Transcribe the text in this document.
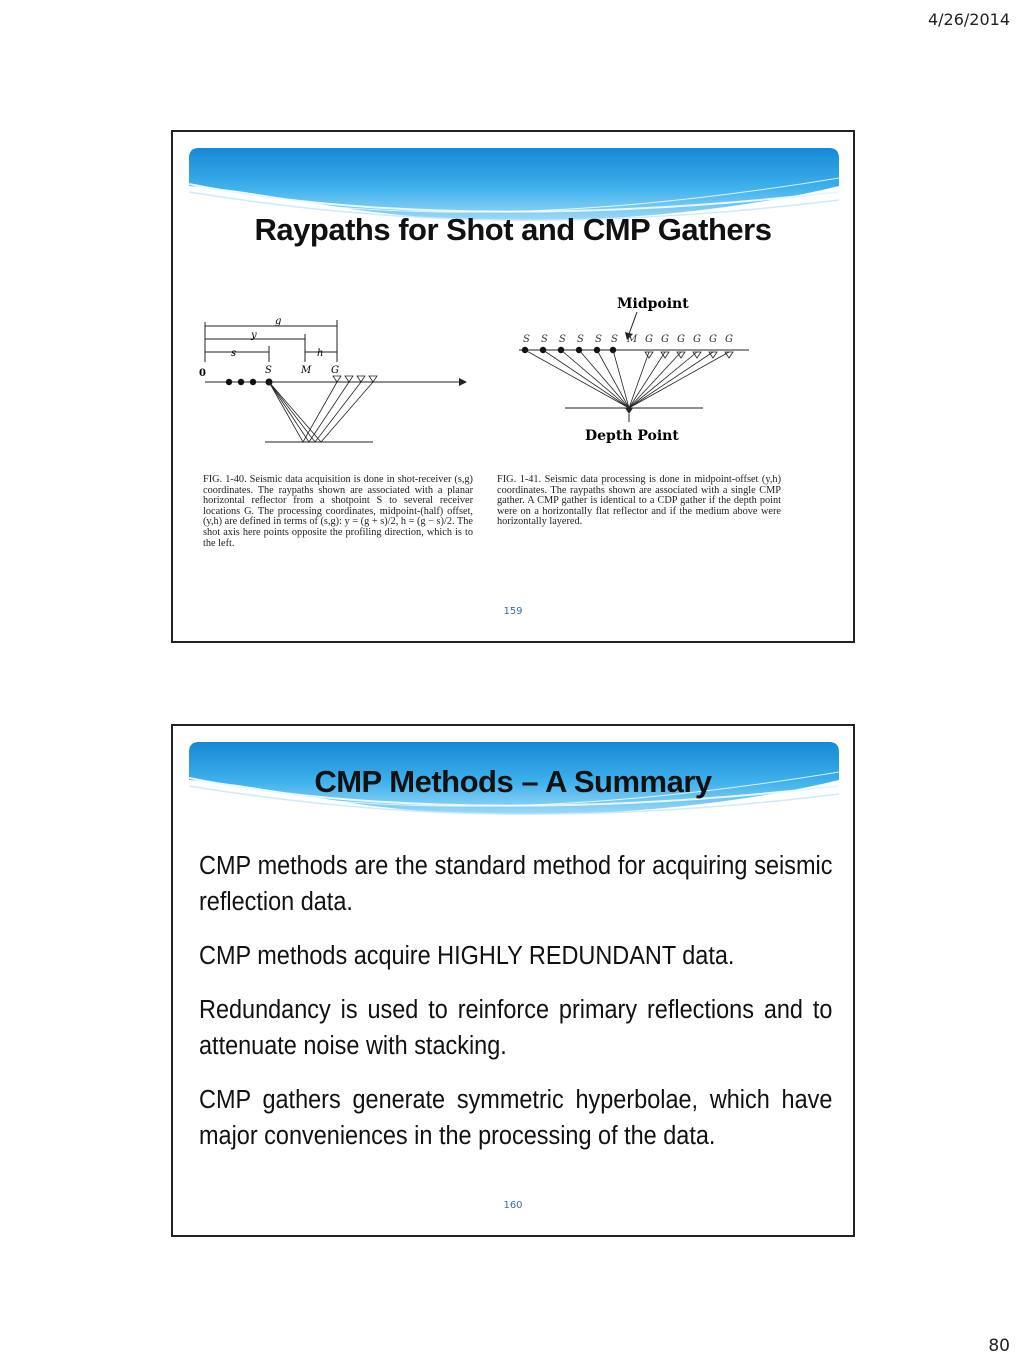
4/26/2014
Raypaths for Shot and CMP Gathers
g
y
s	h
0	S	M G
FIG. 1-40. Seismic data acquisition is done in shot-receiver (s,g) coordinates. The raypaths shown are associated with a planar horizontal reflector from a shotpoint S to several receiver locations G. The processing coordinates, midpoint-(half) offset, (y,h) are defined in terms of (s,g): y = (g + s)/2, h = (g − s)/2. The shot axis here points opposite the profiling direction, which is to the left.
Midpoint
S S S S S S M G G G G G G
Depth Point
FIG. 1-41. Seismic data processing is done in midpoint-offset (y,h) coordinates. The raypaths shown are associated with a single CMP gather. A CMP gather is identical to a CDP gather if the depth point were on a horizontally flat reflector and if the medium above were horizontally layered.
159
CMP Methods – A Summary

CMP methods are the standard method for acquiring seismic reflection data.

CMP methods acquire HIGHLY REDUNDANT data.

Redundancy is used to reinforce primary reflections and to attenuate noise with stacking.

CMP gathers generate symmetric hyperbolae, which have major conveniences in the processing of the data.

160
80
